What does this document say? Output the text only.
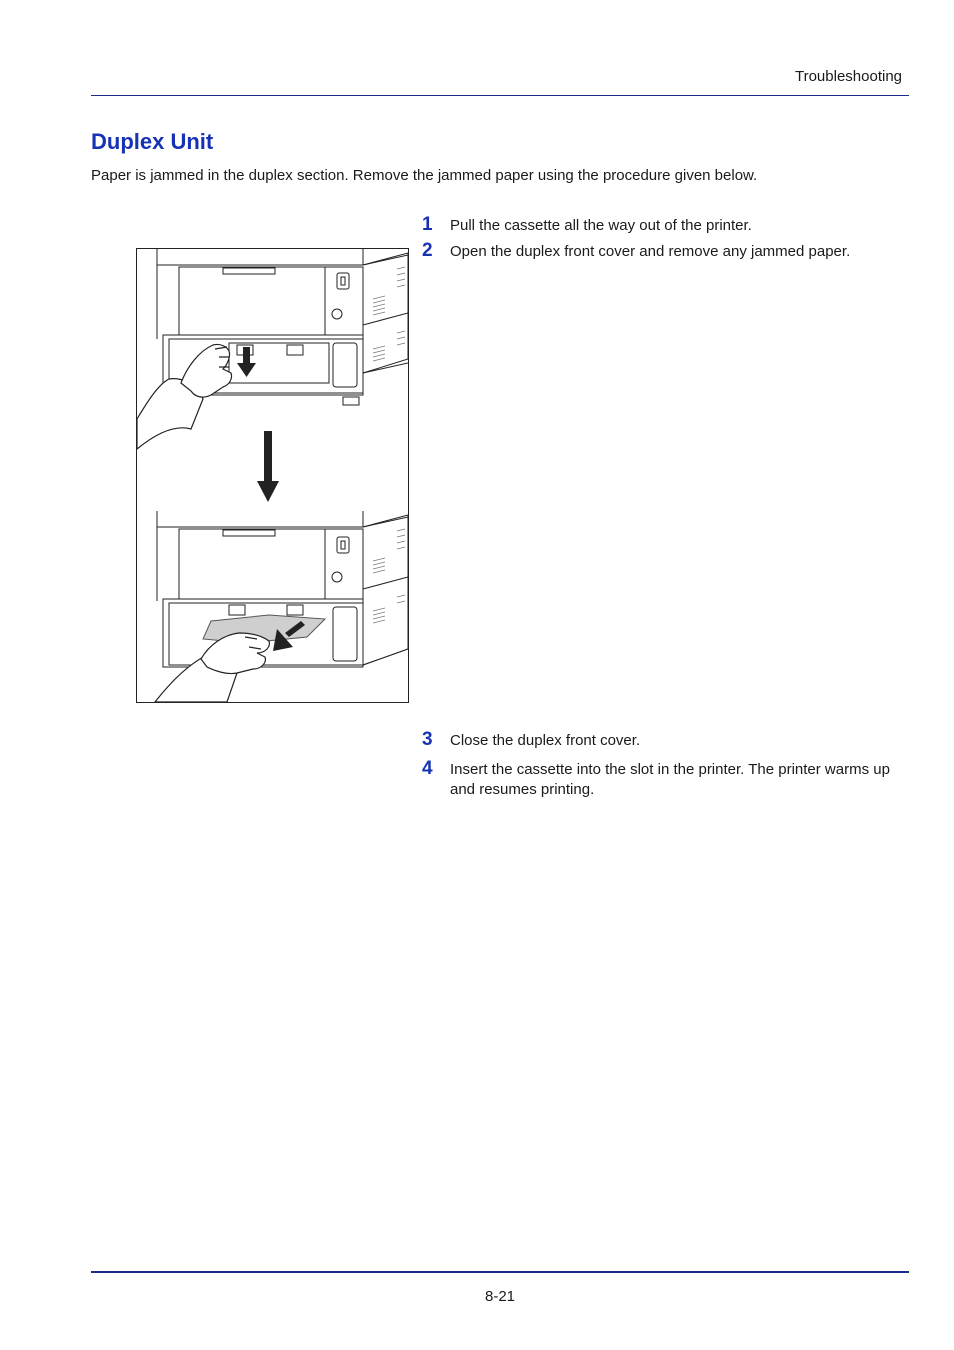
Troubleshooting
Duplex Unit

Paper is jammed in the duplex section. Remove the jammed paper using the procedure given below.

1	Pull the cassette all the way out of the printer.
2	Open the duplex front cover and remove any jammed paper.
3	Close the duplex front cover.
4	Insert the cassette into the slot in the printer. The printer warms up and resumes printing.
8-21
